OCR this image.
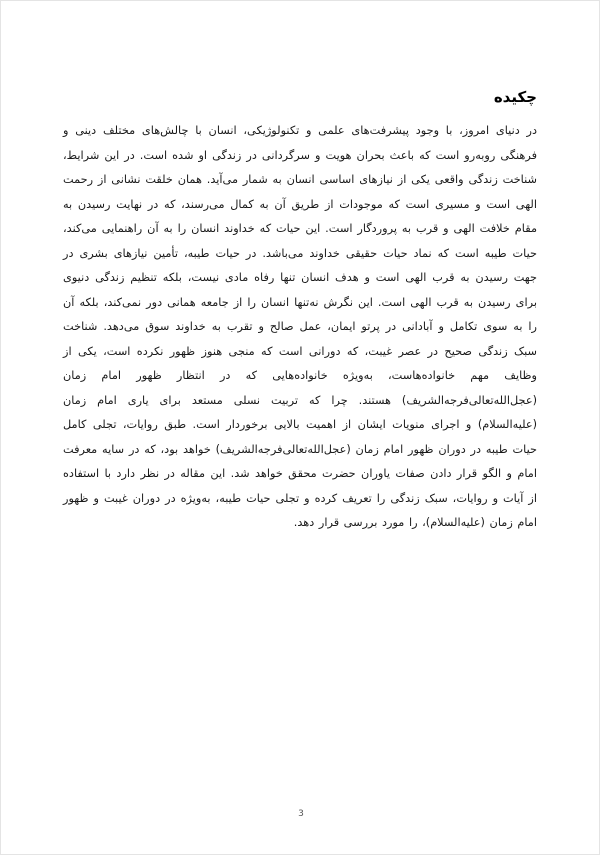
چکیده

در دنیای امروز، با وجود پیشرفت‌های علمی و تکنولوژیکی، انسان با چالش‌های مختلف دینی و فرهنگی روبه‌رو است که باعث بحران هویت و سرگردانی در زندگی او شده است. در این شرایط، شناخت زندگی واقعی یکی از نیازهای اساسی انسان به شمار می‌آید. همان خلقت نشانی از رحمت الهی است و مسیری است که موجودات از طریق آن به کمال می‌رسند، که در نهایت رسیدن به مقام خلافت الهی و قرب به پروردگار است. این حیات که خداوند انسان را به آن راهنمایی می‌کند، حیات طیبه است که نماد حیات حقیقی خداوند می‌باشد. در حیات طیبه، تأمین نیازهای بشری در جهت رسیدن به قرب الهی است و هدف انسان تنها رفاه مادی نیست، بلکه تنظیم زندگی دنیوی برای رسیدن به قرب الهی است. این نگرش نه‌تنها انسان را از جامعه همانی دور نمی‌کند، بلکه آن را به سوی تکامل و آبادانی در پرتو ایمان، عمل صالح و تقرب به خداوند سوق می‌دهد. شناخت سبک زندگی صحیح در عصر غیبت، که دورانی است که منجی هنوز ظهور نکرده است، یکی از وظایف مهم خانواده‌هاست، به‌ویژه خانواده‌هایی که در انتظار ظهور امام زمان (عجل‌الله‌تعالی‌فرجه‌الشریف) هستند. چرا که تربیت نسلی مستعد برای یاری امام زمان (علیه‌السلام) و اجرای منویات ایشان از اهمیت بالایی برخوردار است. طبق روایات، تجلی کامل حیات طیبه در دوران ظهور امام زمان (عجل‌الله‌تعالی‌فرجه‌الشریف) خواهد بود، که در سایه معرفت امام و الگو قرار دادن صفات یاوران حضرت محقق خواهد شد. این مقاله در نظر دارد با استفاده از آیات و روایات، سبک زندگی را تعریف کرده و تجلی حیات طیبه، به‌ویژه در دوران غیبت و ظهور امام زمان (علیه‌السلام)، را مورد بررسی قرار دهد.

3
